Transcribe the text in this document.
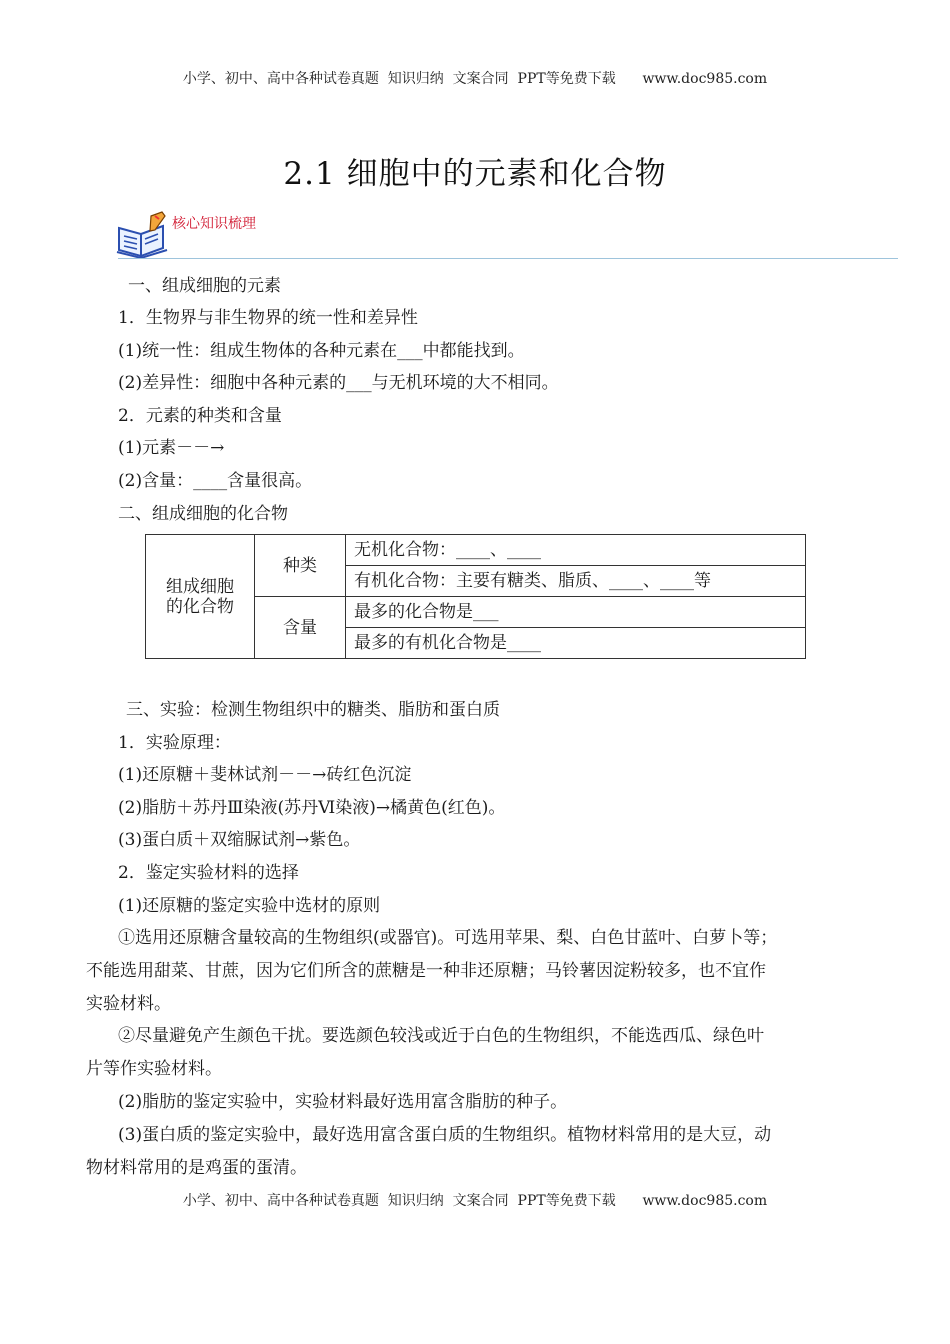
小学、初中、高中各种试卷真题  知识归纳  文案合同  PPT等免费下载      www.doc985.com
2.1 细胞中的元素和化合物
核心知识梳理
一、组成细胞的元素
1．生物界与非生物界的统一性和差异性
(1)统一性：组成生物体的各种元素在___中都能找到。
(2)差异性：细胞中各种元素的___与无机环境的大不相同。
2．元素的种类和含量
(1)元素－－→
(2)含量：____含量很高。
二、组成细胞的化合物
组成细胞
的化合物	种类	无机化合物：____、____
		有机化合物：主要有糖类、脂质、____、____等
	含量	最多的化合物是___
		最多的有机化合物是____
三、实验：检测生物组织中的糖类、脂肪和蛋白质
1．实验原理：
(1)还原糖＋斐林试剂－－→砖红色沉淀
(2)脂肪＋苏丹Ⅲ染液(苏丹Ⅵ染液)→橘黄色(红色)。
(3)蛋白质＋双缩脲试剂→紫色。
2．鉴定实验材料的选择
(1)还原糖的鉴定实验中选材的原则
①选用还原糖含量较高的生物组织(或器官)。可选用苹果、梨、白色甘蓝叶、白萝卜等；
不能选用甜菜、甘蔗，因为它们所含的蔗糖是一种非还原糖；马铃薯因淀粉较多，也不宜作
实验材料。
②尽量避免产生颜色干扰。要选颜色较浅或近于白色的生物组织，不能选西瓜、绿色叶
片等作实验材料。
(2)脂肪的鉴定实验中，实验材料最好选用富含脂肪的种子。
(3)蛋白质的鉴定实验中，最好选用富含蛋白质的生物组织。植物材料常用的是大豆，动
物材料常用的是鸡蛋的蛋清。
小学、初中、高中各种试卷真题  知识归纳  文案合同  PPT等免费下载      www.doc985.com
